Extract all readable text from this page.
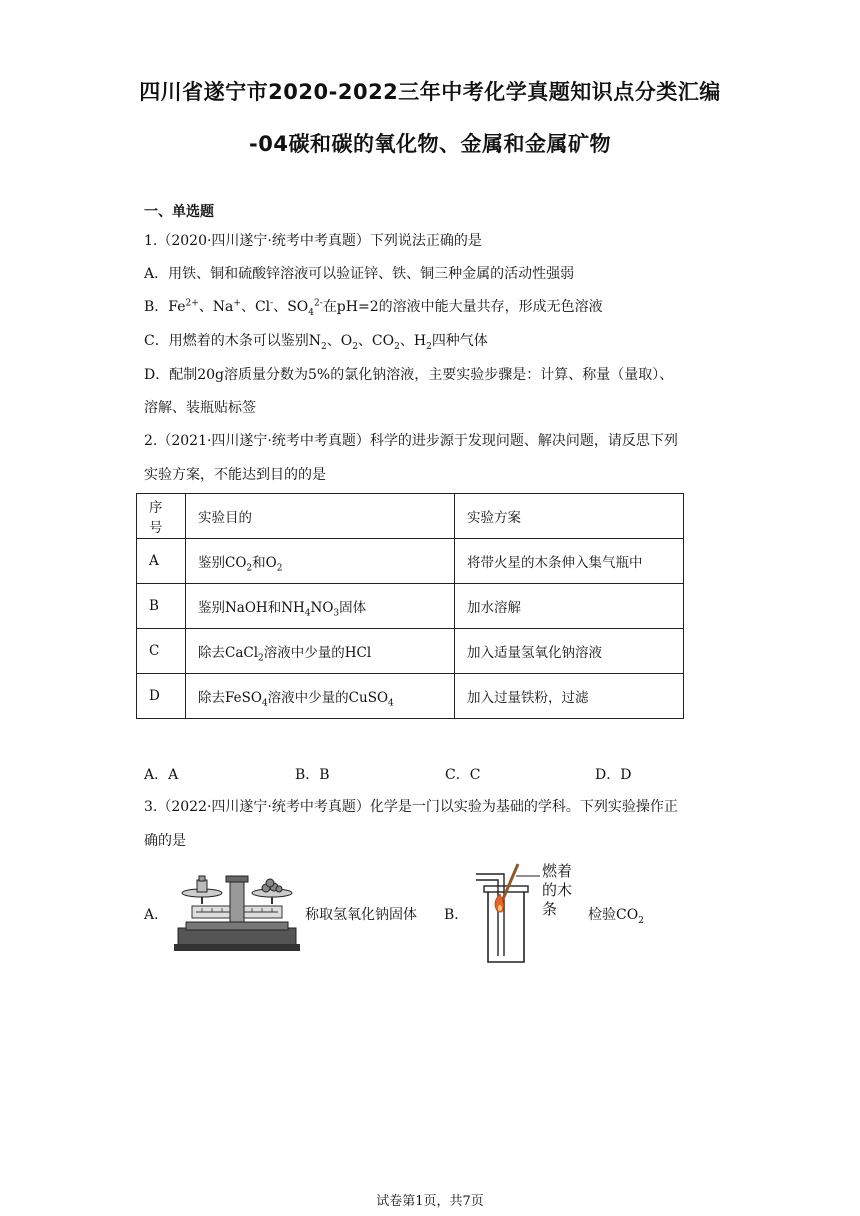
四川省遂宁市2020-2022三年中考化学真题知识点分类汇编
-04碳和碳的氧化物、金属和金属矿物
一、单选题
1.（2020·四川遂宁·统考中考真题）下列说法正确的是
A．用铁、铜和硫酸锌溶液可以验证锌、铁、铜三种金属的活动性强弱
B．$Fe^{2+}$、Na+、Cl-、$SO_4^{2-}$在pH=2的溶液中能大量共存，形成无色溶液
C．用燃着的木条可以鉴别$N_2$、$O_2$、$CO_2$、$H_2$四种气体
D．配制20g溶质量分数为5%的氯化钠溶液，主要实验步骤是：计算、称量（量取）、
溶解、装瓶贴标签
2.（2021·四川遂宁·统考中考真题）科学的进步源于发现问题、解决问题，请反思下列
实验方案，不能达到目的的是
序号	实验目的	实验方案
A	鉴别$CO_2$和$O_2$	将带火星的木条伸入集气瓶中
B	鉴别NaOH和$NH_4NO_3$固体	加水溶解
C	除去CaCl$_2$溶液中少量的HCl	加入适量氢氧化钠溶液
D	除去FeSO$_4$溶液中少量的CuSO$_4$	加入过量铁粉，过滤
A．A	B．B	C．C	D．D
3.（2022·四川遂宁·统考中考真题）化学是一门以实验为基础的学科。下列实验操作正
确的是
A．	称取氢氧化钠固体 B．
燃着
的木
条	检验$CO_2$
试卷第1页，共7页
